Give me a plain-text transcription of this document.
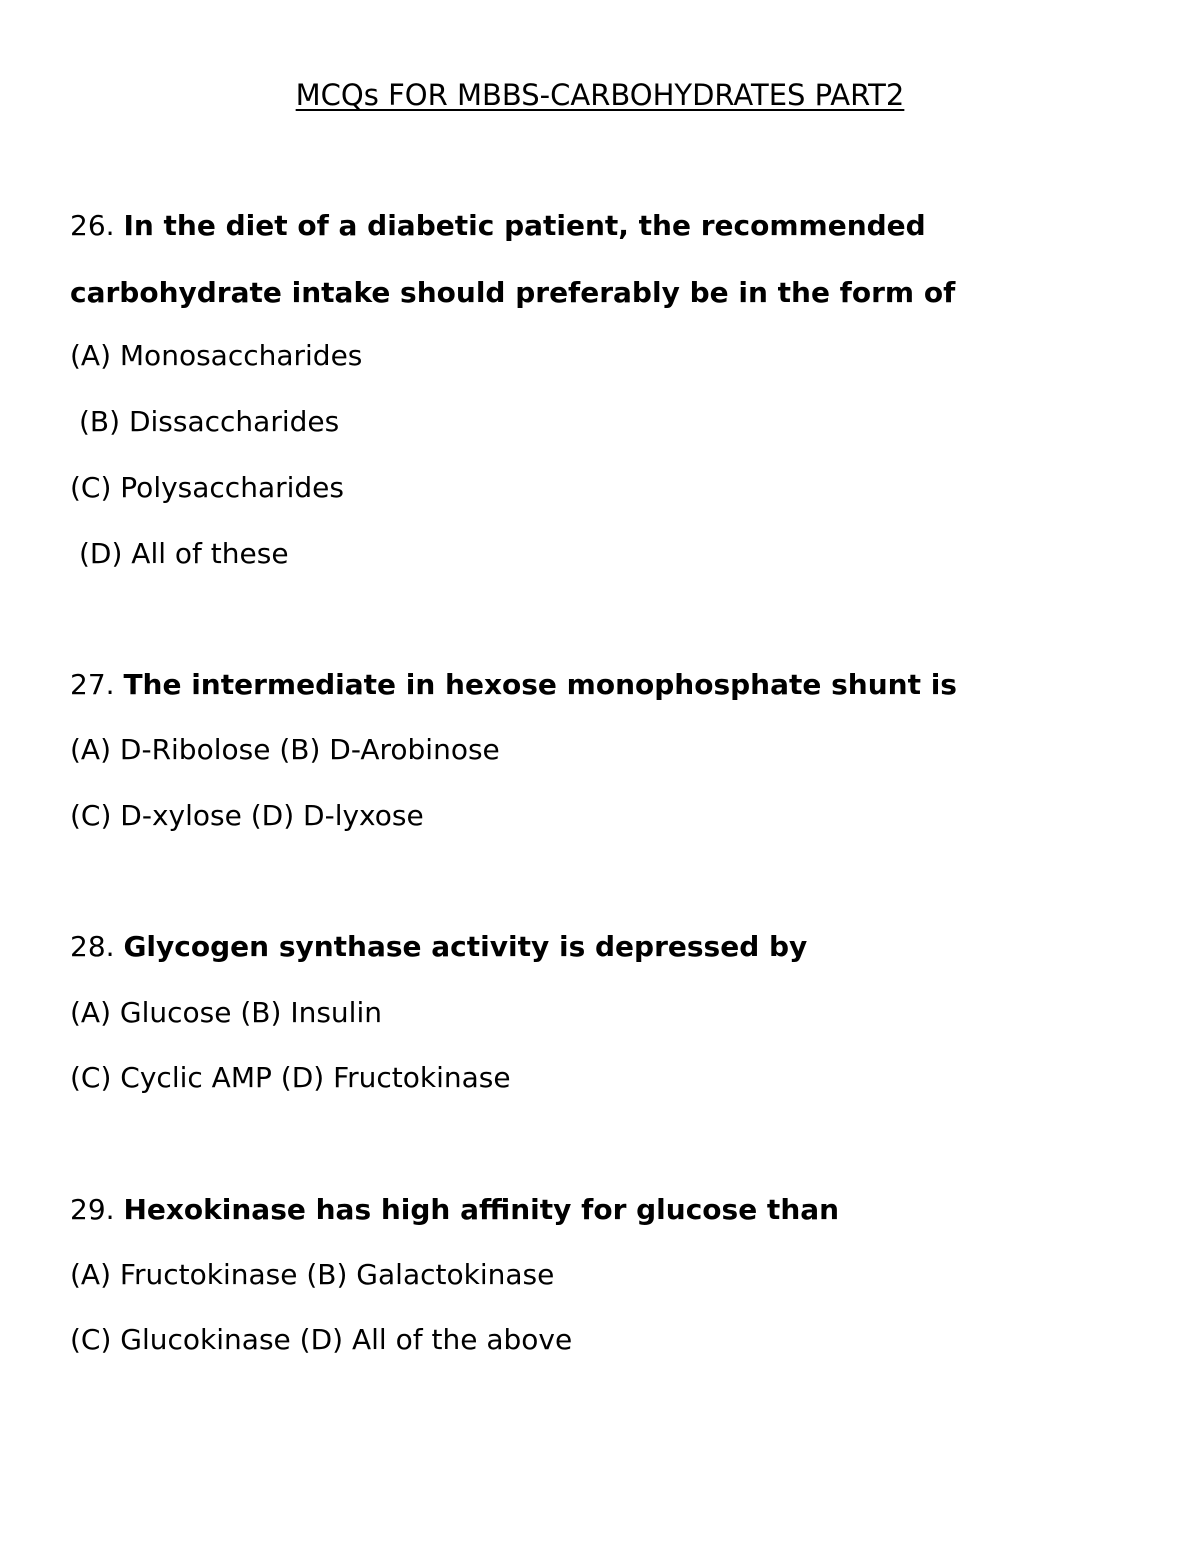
MCQs FOR MBBS-CARBOHYDRATES PART2
26. In the diet of a diabetic patient, the recommended
carbohydrate intake should preferably be in the form of
(A) Monosaccharides
(B) Dissaccharides
(C) Polysaccharides
(D) All of these
27. The intermediate in hexose monophosphate shunt is
(A) D-Ribolose (B) D-Arobinose
(C) D-xylose (D) D-lyxose
28. Glycogen synthase activity is depressed by
(A) Glucose (B) Insulin
(C) Cyclic AMP (D) Fructokinase
29. Hexokinase has high affinity for glucose than
(A) Fructokinase (B) Galactokinase
(C) Glucokinase (D) All of the above
